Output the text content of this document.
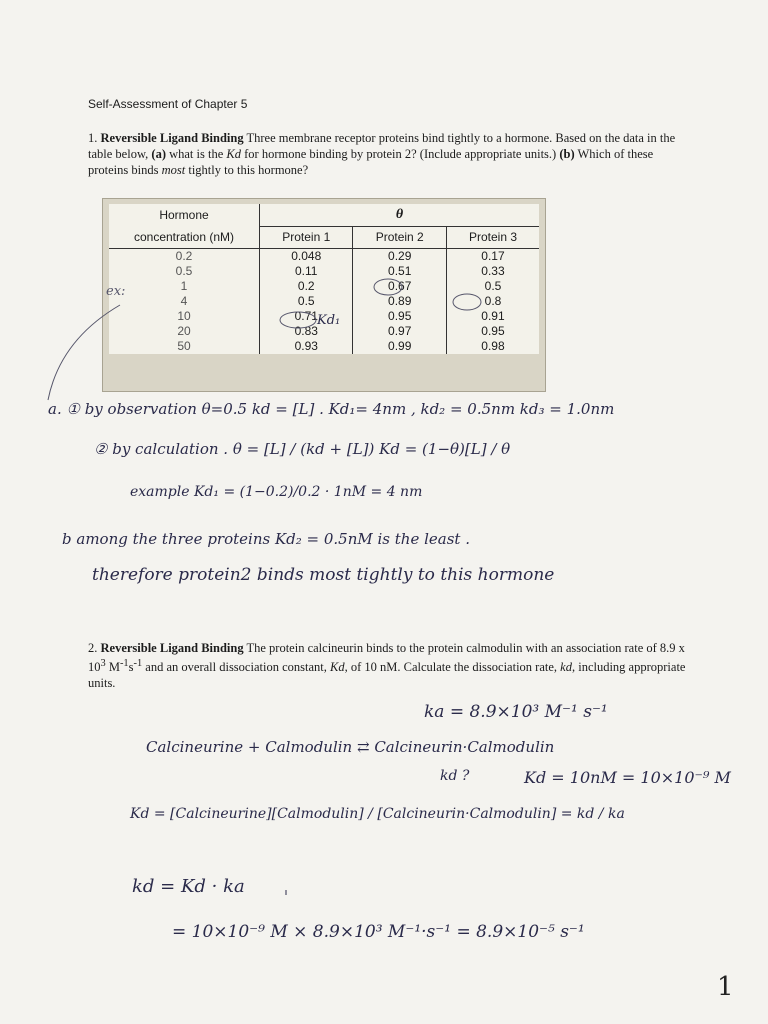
Self-Assessment of Chapter 5
1. Reversible Ligand Binding Three membrane receptor proteins bind tightly to a hormone. Based on the data in the table below, (a) what is the Kd for hormone binding by protein 2? (Include appropriate units.) (b) Which of these proteins binds most tightly to this hormone?
Hormone	θ		
concentration (nM)	Protein 1	Protein 2	Protein 3
0.2	0.048	0.29	0.17
0.5	0.11	0.51	0.33
1	0.2	0.67	0.5
4	0.5	0.89	0.8
10	0.71	0.95	0.91
20	0.83	0.97	0.95
50	0.93	0.99	0.98
ex:
Kd₁
a. ① by observation θ=0.5 kd = [L] . Kd₁= 4nm , kd₂ = 0.5nm kd₃ = 1.0nm
② by calculation . θ = [L] / (kd + [L]) Kd = (1−θ)[L] / θ
example Kd₁ = (1−0.2)/0.2 · 1nM = 4 nm
b among the three proteins Kd₂ = 0.5nM is the least .
therefore protein2 binds most tightly to this hormone
2. Reversible Ligand Binding The protein calcineurin binds to the protein calmodulin with an association rate of 8.9 x $10^3$ $M^{-1}s^{-1}$ and an overall dissociation constant, Kd, of 10 nM. Calculate the dissociation rate, kd, including appropriate units.
ka = 8.9×10³ M⁻¹ s⁻¹
Calcineurine + Calmodulin ⇄ Calcineurin·Calmodulin
kd ?	Kd = 10nM = 10×10⁻⁹ M
Kd = [Calcineurine][Calmodulin] / [Calcineurin·Calmodulin] = kd / ka
kd = Kd · ka
= 10×10⁻⁹ M × 8.9×10³ M⁻¹·s⁻¹ = 8.9×10⁻⁵ s⁻¹
1
